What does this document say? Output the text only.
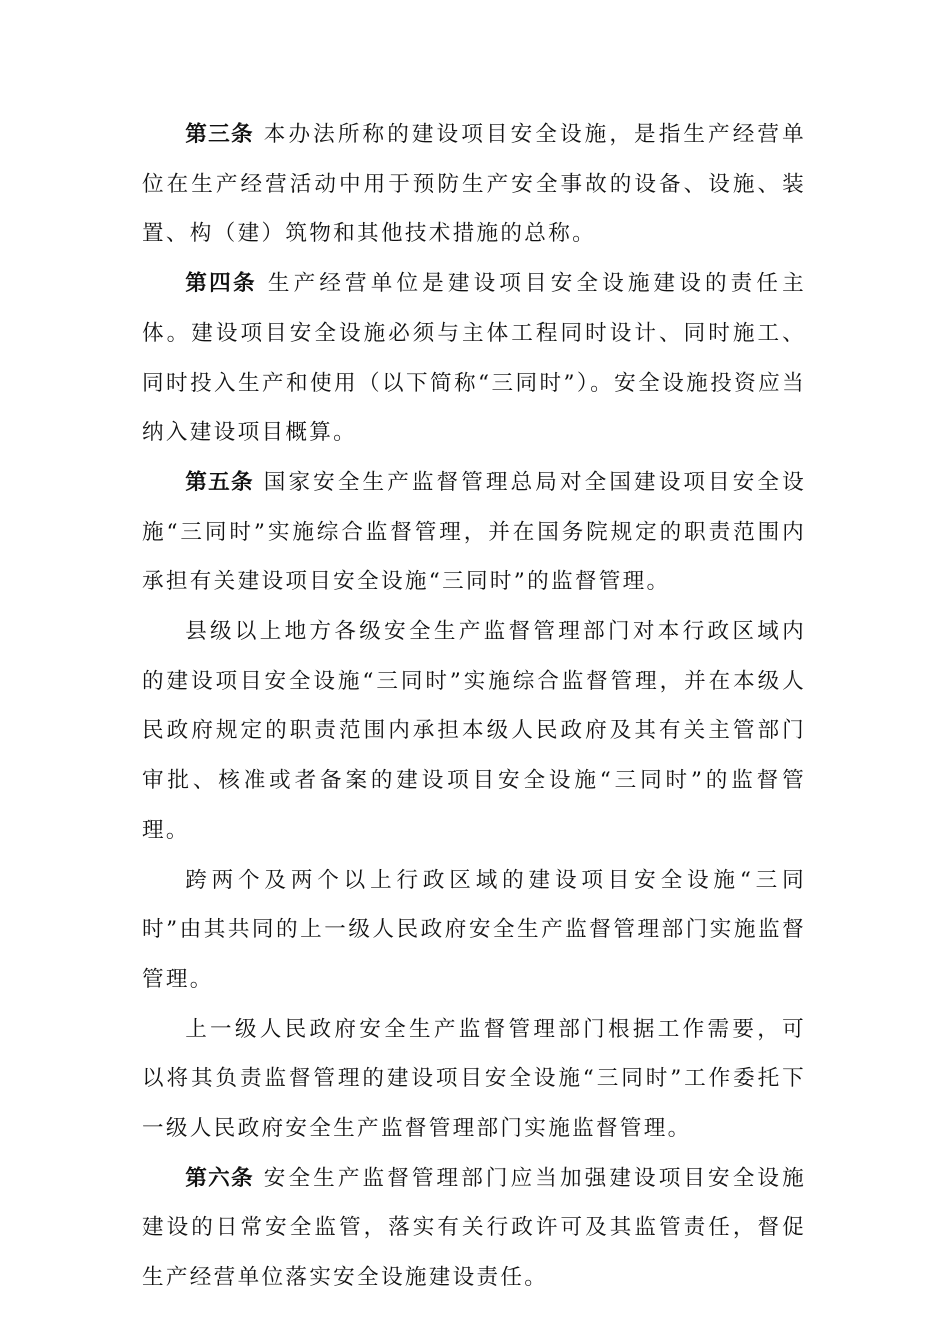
第三条 本办法所称的建设项目安全设施，是指生产经营单位在生产经营活动中用于预防生产安全事故的设备、设施、装置、构（建）筑物和其他技术措施的总称。

第四条 生产经营单位是建设项目安全设施建设的责任主体。建设项目安全设施必须与主体工程同时设计、同时施工、同时投入生产和使用（以下简称“三同时”）。安全设施投资应当纳入建设项目概算。

第五条 国家安全生产监督管理总局对全国建设项目安全设施“三同时”实施综合监督管理，并在国务院规定的职责范围内承担有关建设项目安全设施“三同时”的监督管理。

县级以上地方各级安全生产监督管理部门对本行政区域内的建设项目安全设施“三同时”实施综合监督管理，并在本级人民政府规定的职责范围内承担本级人民政府及其有关主管部门审批、核准或者备案的建设项目安全设施“三同时”的监督管理。

跨两个及两个以上行政区域的建设项目安全设施“三同时”由其共同的上一级人民政府安全生产监督管理部门实施监督管理。

上一级人民政府安全生产监督管理部门根据工作需要，可以将其负责监督管理的建设项目安全设施“三同时”工作委托下一级人民政府安全生产监督管理部门实施监督管理。

第六条 安全生产监督管理部门应当加强建设项目安全设施建设的日常安全监管，落实有关行政许可及其监管责任，督促生产经营单位落实安全设施建设责任。
